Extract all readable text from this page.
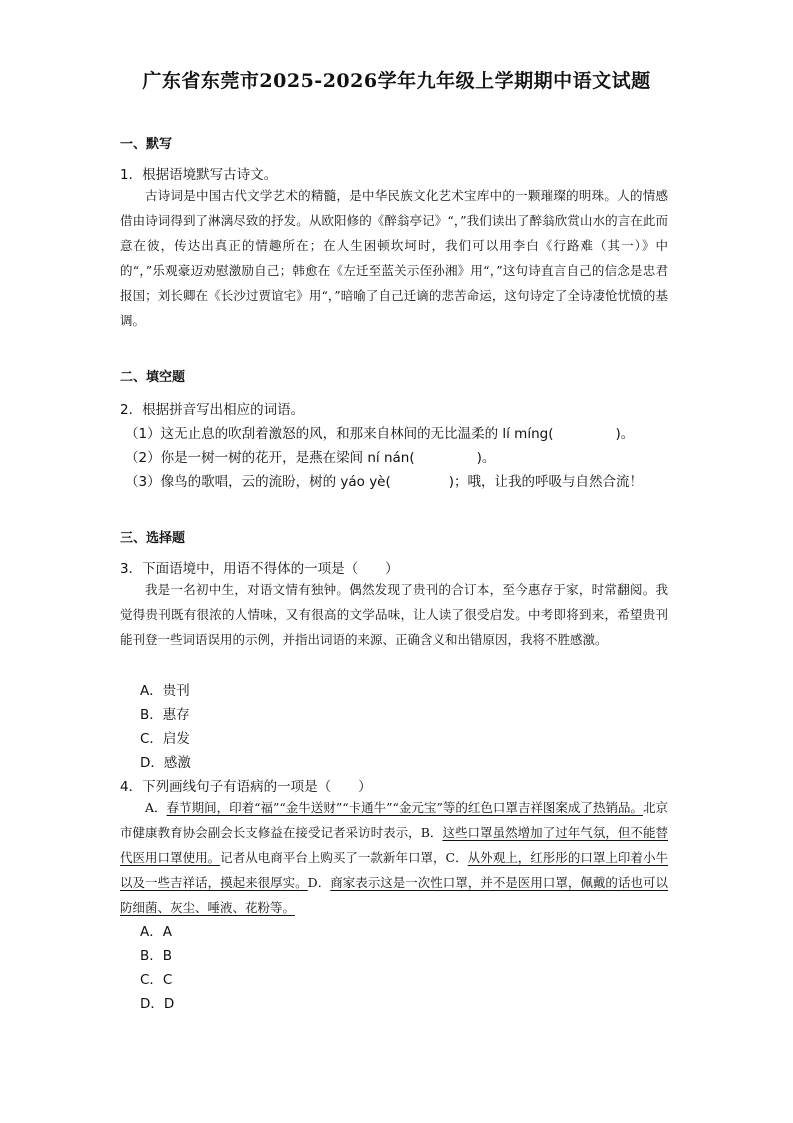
广东省东莞市2025-2026学年九年级上学期期中语文试题
一、默写
1．根据语境默写古诗文。

古诗词是中国古代文学艺术的精髓，是中华民族文化艺术宝库中的一颗璀璨的明珠。人的情感借由诗词得到了淋漓尽致的抒发。从欧阳修的《醉翁亭记》“，”我们读出了醉翁欣赏山水的言在此而意在彼，传达出真正的情趣所在；在人生困顿坎坷时，我们可以用李白《行路难（其一）》中的“，”乐观豪迈劝慰激励自己；韩愈在《左迁至蓝关示侄孙湘》用“，”这句诗直言自己的信念是忠君报国；刘长卿在《长沙过贾谊宅》用“，”暗喻了自己迁谪的悲苦命运，这句诗定了全诗凄怆忧愤的基调。

二、填空题
2．根据拼音写出相应的词语。
（1）这无止息的吹刮着激怒的风，和那来自林间的无比温柔的 lí míng(	)。
（2）你是一树一树的花开，是燕在梁间 ní nán(	)。
（3）像鸟的歌唱，云的流盼，树的 yáo yè(	)；哦，让我的呼吸与自然合流！
三、选择题
3．下面语境中，用语不得体的一项是（　　）

我是一名初中生，对语文情有独钟。偶然发现了贵刊的合订本，至今惠存于家，时常翻阅。我觉得贵刊既有很浓的人情味，又有很高的文学品味，让人读了很受启发。中考即将到来，希望贵刊能刊登一些词语误用的示例，并指出词语的来源、正确含义和出错原因，我将不胜感激。

A．贵刊
B．惠存
C．启发
D．感激
4．下列画线句子有语病的一项是（　　）

A．春节期间，印着“福”“金牛送财”“卡通牛”“金元宝”等的红色口罩吉祥图案成了热销品。北京市健康教育协会副会长支修益在接受记者采访时表示，B．这些口罩虽然增加了过年气氛，但不能替代医用口罩使用。记者从电商平台上购买了一款新年口罩，C．从外观上，红彤彤的口罩上印着小牛以及一些吉祥话，摸起来很厚实。D．商家表示这是一次性口罩，并不是医用口罩，佩戴的话也可以防细菌、灰尘、唾液、花粉等。

A．A
B．B
C．C
D．D
